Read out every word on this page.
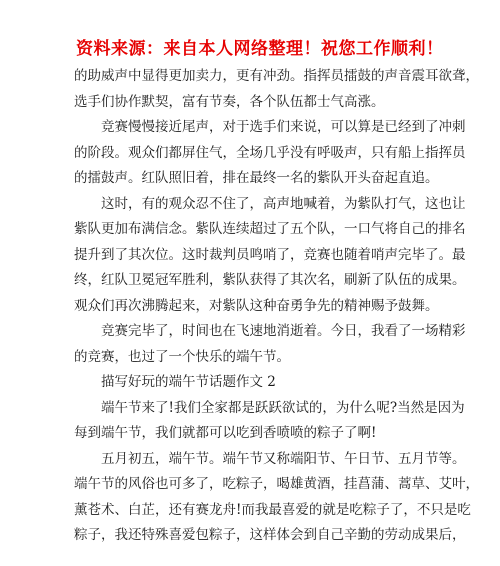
资料来源：来自本人网络整理！祝您工作顺利！
的助威声中显得更加卖力，更有冲劲。指挥员擂鼓的声音震耳欲聋，
选手们协作默契，富有节奏，各个队伍都士气高涨。
竞赛慢慢接近尾声，对于选手们来说，可以算是已经到了冲刺
的阶段。观众们都屏住气，全场几乎没有呼吸声，只有船上指挥员
的擂鼓声。红队照旧着，排在最终一名的紫队开头奋起直追。
这时，有的观众忍不住了，高声地喊着，为紫队打气，这也让
紫队更加布满信念。紫队连续超过了五个队，一口气将自己的排名
提升到了其次位。这时裁判员鸣哨了，竞赛也随着哨声完毕了。最
终，红队卫冕冠军胜利，紫队获得了其次名，刷新了队伍的成果。
观众们再次沸腾起来，对紫队这种奋勇争先的精神赐予鼓舞。
竞赛完毕了，时间也在飞速地消逝着。今日，我看了一场精彩
的竞赛，也过了一个快乐的端午节。
描写好玩的端午节话题作文 2
端午节来了!我们全家都是跃跃欲试的，为什么呢?当然是因为
每到端午节，我们就都可以吃到香喷喷的粽子了啊!
五月初五，端午节。端午节又称端阳节、午日节、五月节等。
端午节的风俗也可多了，吃粽子，喝雄黄酒，挂菖蒲、蒿草、艾叶，
薰苍术、白芷，还有赛龙舟!而我最喜爱的就是吃粽子了，不只是吃
粽子，我还特殊喜爱包粽子，这样体会到自己辛勤的劳动成果后，
